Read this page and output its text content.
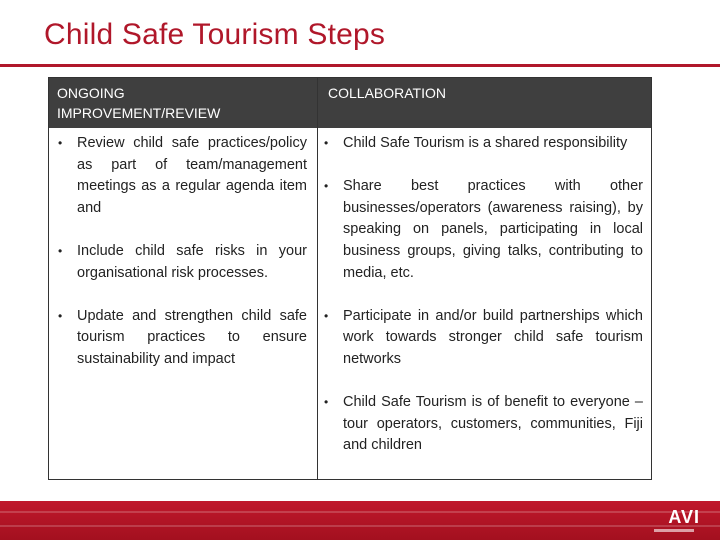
Child Safe Tourism Steps
ONGOING
IMPROVEMENT/REVIEW
COLLABORATION
• Review child safe practices/policy as part of team/management meetings as a regular agenda item and
• Include child safe risks in your organisational risk processes.
• Update and strengthen child safe tourism practices to ensure sustainability and impact
• Child Safe Tourism is a shared responsibility
• Share best practices with other businesses/operators (awareness raising), by speaking on panels, participating in local business groups, giving talks, contributing to media, etc.
• Participate in and/or build partnerships which work towards stronger child safe tourism networks
• Child Safe Tourism is of benefit to everyone – tour operators, customers, communities, Fiji and children
AVI
